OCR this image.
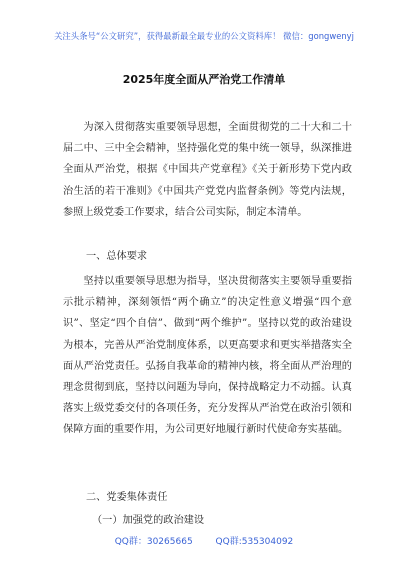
关注头条号“公文研究”，获得最新最全最专业的公文资料库！ 微信：gongwenyj
2025年度全面从严治党工作清单
为深入贯彻落实重要领导思想，全面贯彻党的二十大和二十届二中、三中全会精神，坚持强化党的集中统一领导，纵深推进全面从严治党，根据《中国共产党章程》《关于新形势下党内政治生活的若干准则》《中国共产党党内监督条例》等党内法规，参照上级党委工作要求，结合公司实际，制定本清单。
一、总体要求
坚持以重要领导思想为指导，坚决贯彻落实主要领导重要指示批示精神，深刻领悟“两个确立”的决定性意义增强“四个意识”、坚定“四个自信”、做到“两个维护”。坚持以党的政治建设为根本，完善从严治党制度体系，以更高要求和更实举措落实全面从严治党责任。弘扬自我革命的精神内核，将全面从严治理的理念贯彻到底，坚持以问题为导向，保持战略定力不动摇。认真落实上级党委交付的各项任务，充分发挥从严治党在政治引领和保障方面的重要作用，为公司更好地履行新时代使命夯实基础。
二、党委集体责任
（一）加强党的政治建设
QQ群：30265665	QQ群:535304092
